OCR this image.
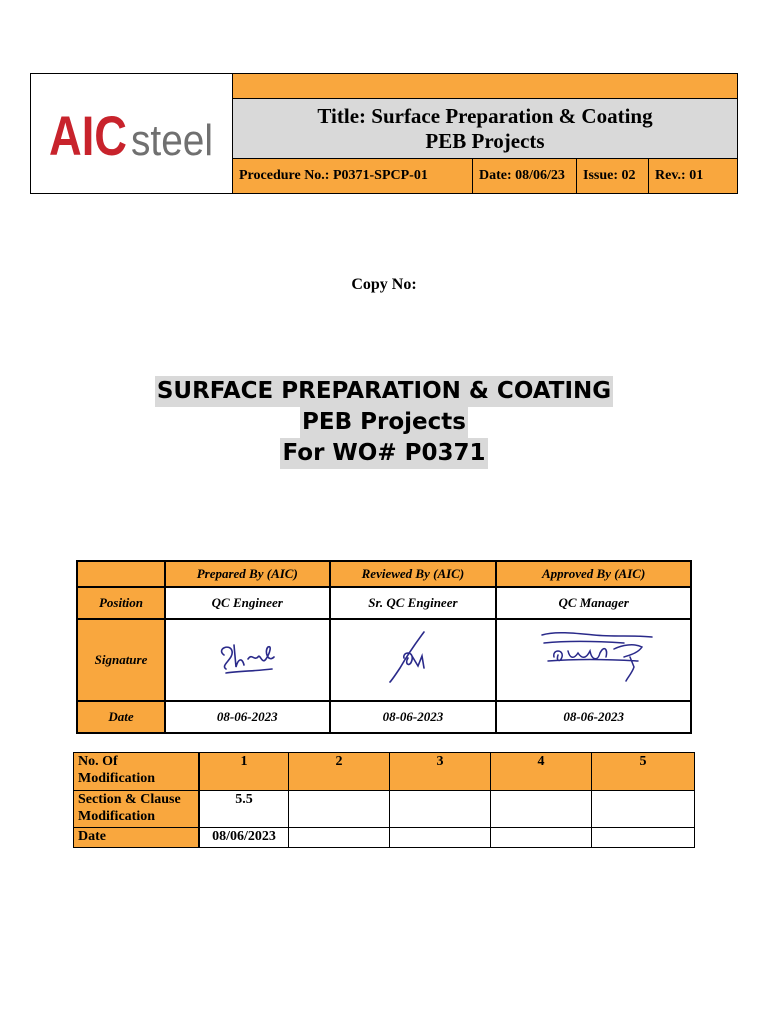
AIC steel	Title: Surface Preparation & Coating
PEB Projects
Procedure No.: P0371-SPCP-01	Date: 08/06/23	Issue: 02	Rev.: 01
Copy No:
SURFACE PREPARATION & COATING
PEB Projects
For WO# P0371
	Prepared By (AIC)	Reviewed By (AIC)	Approved By (AIC)
Position	QC Engineer	Sr. QC Engineer	QC Manager
Signature			
Date	08-06-2023	08-06-2023	08-06-2023
No. Of Modification	1	2	3	4	5
Section & Clause Modification	5.5				
Date	08/06/2023				
